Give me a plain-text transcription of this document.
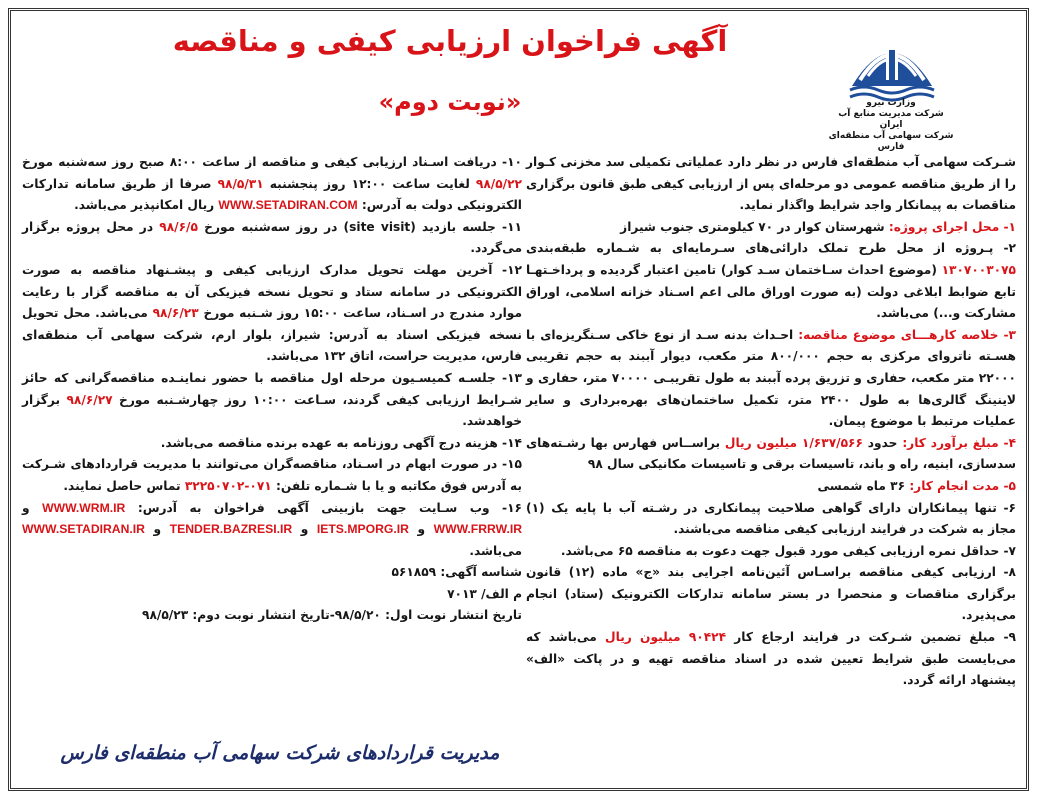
وزارت نیرو
شرکت مدیریت منابع آب ایران
شرکت سهامی آب منطقه‌ای فارس
آگهی فراخوان ارزیابی کیفی و مناقصه
«نوبت دوم»

شـرکت سهامی آب منطقه‌ای فارس در نظر دارد عملیاتی تکمیلی سد مخزنی کـوار را از طریق مناقصه عمومی دو مرحله‌ای پس از ارزیابی کیفی طبق قانون برگزاری مناقصات به پیمانکار واجد شرایط واگذار نماید.

۱- محل اجرای پروژه: شهرستان کوار در ۷۰ کیلومتری جنوب شیراز

۲- پـروژه از محل طرح تملک دارائی‌های سـرمایه‌ای به شـماره طبقه‌بندی ۱۳۰۷۰۰۳۰۷۵ (موضوع احداث سـاختمان سـد کوار) تامین اعتبار گردیده و پرداخـتهـا تابع ضوابط ابلاغی دولت (به صورت اوراق مالی اعم اسـناد خزانه اسلامی، اوراق مشارکت و...) می‌باشد.

۳- خلاصه کارهـــای موضوع مناقصه: احـداث بدنه سـد از نوع خاکی سـنگریزه‌ای با هسـته ناتروای مرکزی به حجم ۸۰۰/۰۰۰ متر مکعب، دیوار آببند به حجم تقریبی ۲۲۰۰۰ متر مکعب، حفاری و تزریق پرده آببند به طول تقریبـی ۷۰۰۰۰ متر، حفاری و لاینینگ گالری‌ها به طول ۲۴۰۰ متر، تکمیل ساختمان‌های بهره‌برداری و سایر عملیات مرتبط با موضوع پیمان.

۴- مبلغ برآورد کار: حدود ۱/۶۳۷/۵۶۶ میلیون ریال براســاس فهارس بها رشـته‌های سدسازی، ابنیه، راه و باند، تاسیسات برقی و تاسیسات مکانیکی سال ۹۸

۵- مدت انجام کار: ۳۶ ماه شمسی

۶- تنها پیمانکاران دارای گواهی صلاحیت پیمانکاری در رشـته آب با پایه یک (۱) مجاز به شرکت در فرایند ارزیابی کیفی مناقصه می‌باشند.

۷- حداقل نمره ارزیابی کیفی مورد قبول جهت دعوت به مناقصه ۶۵ می‌باشد.

۸- ارزیابی کیفی مناقصه براسـاس آئین‌نامه اجرایی بند «ج» ماده (۱۲) قانون برگزاری مناقصات و منحصرا در بستر سامانه تدارکات الکترونیک (ستاد) انجام می‌پذیرد.

۹- مبلغ تضمین شـرکت در فرایند ارجاع کار ۹۰۴۲۴ میلیون ریال می‌باشد که می‌بایست طبق شرایط تعیین شده در اسناد مناقصه تهیه و در پاکت «الف» پیشنهاد ارائه گردد.

۱۰- دریافت اسـناد ارزیابی کیفی و مناقصه از ساعت ۸:۰۰ صبح روز سه‌شنبه مورخ ۹۸/۵/۲۲ لغایت ساعت ۱۲:۰۰ روز پنجشنبه ۹۸/۵/۳۱ صرفا از طریق سامانه تدارکات الکترونیکی دولت به آدرس: WWW.SETADIRAN.COM ریال امکانپذیر می‌باشد.

۱۱- جلسه بازدید (site visit) در روز سه‌شنبه مورخ ۹۸/۶/۵ در محل پروژه برگزار می‌گردد.

۱۲- آخرین مهلت تحویل مدارک ارزیابی کیفی و پیشـنهاد مناقصه به صورت الکترونیکی در سامانه ستاد و تحویل نسخه فیزیکی آن به مناقصه گزار با رعایت موارد مندرج در اسـناد، ساعت ۱۵:۰۰ روز شـنبه مورخ ۹۸/۶/۲۳ می‌باشد. محل تحویل نسخه فیزیکی اسناد به آدرس: شیراز، بلوار ارم، شرکت سهامی آب منطقه‌ای فارس، مدیریت حراست، اتاق ۱۳۲ می‌باشد.

۱۳- جلسـه کمیسـیون مرحله اول مناقصه با حضور نماینـده مناقصه‌گرانی که حائز شـرایط ارزیابی کیفی گردند، سـاعت ۱۰:۰۰ روز چهارشـنبه مورخ ۹۸/۶/۲۷ برگزار خواهدشد.

۱۴- هزینه درج آگهی روزنامه به عهده برنده مناقصه می‌باشد.

۱۵- در صورت ابهام در اسـناد، مناقصه‌گران می‌توانند با مدیریت قراردادهای شـرکت به آدرس فوق مکاتبه و یا با شـماره تلفن: ۰۷۱-۳۲۲۵۰۷۰۲ تماس حاصل نمایند.

۱۶- وب سـایت جهت بازبینی آگهی فراخوان به آدرس: WWW.WRM.IR و WWW.FRRW.IR و IETS.MPORG.IR و TENDER.BAZRESI.IR و WWW.SETADIRAN.IR می‌باشد.

شناسه آگهی: ۵۶۱۸۵۹

م الف/ ۷۰۱۳

تاریخ انتشار نوبت اول: ۹۸/۵/۲۰-تاریخ انتشار نوبت دوم: ۹۸/۵/۲۳

مدیریت قراردادهای شرکت سهامی آب منطقه‌ای فارس
